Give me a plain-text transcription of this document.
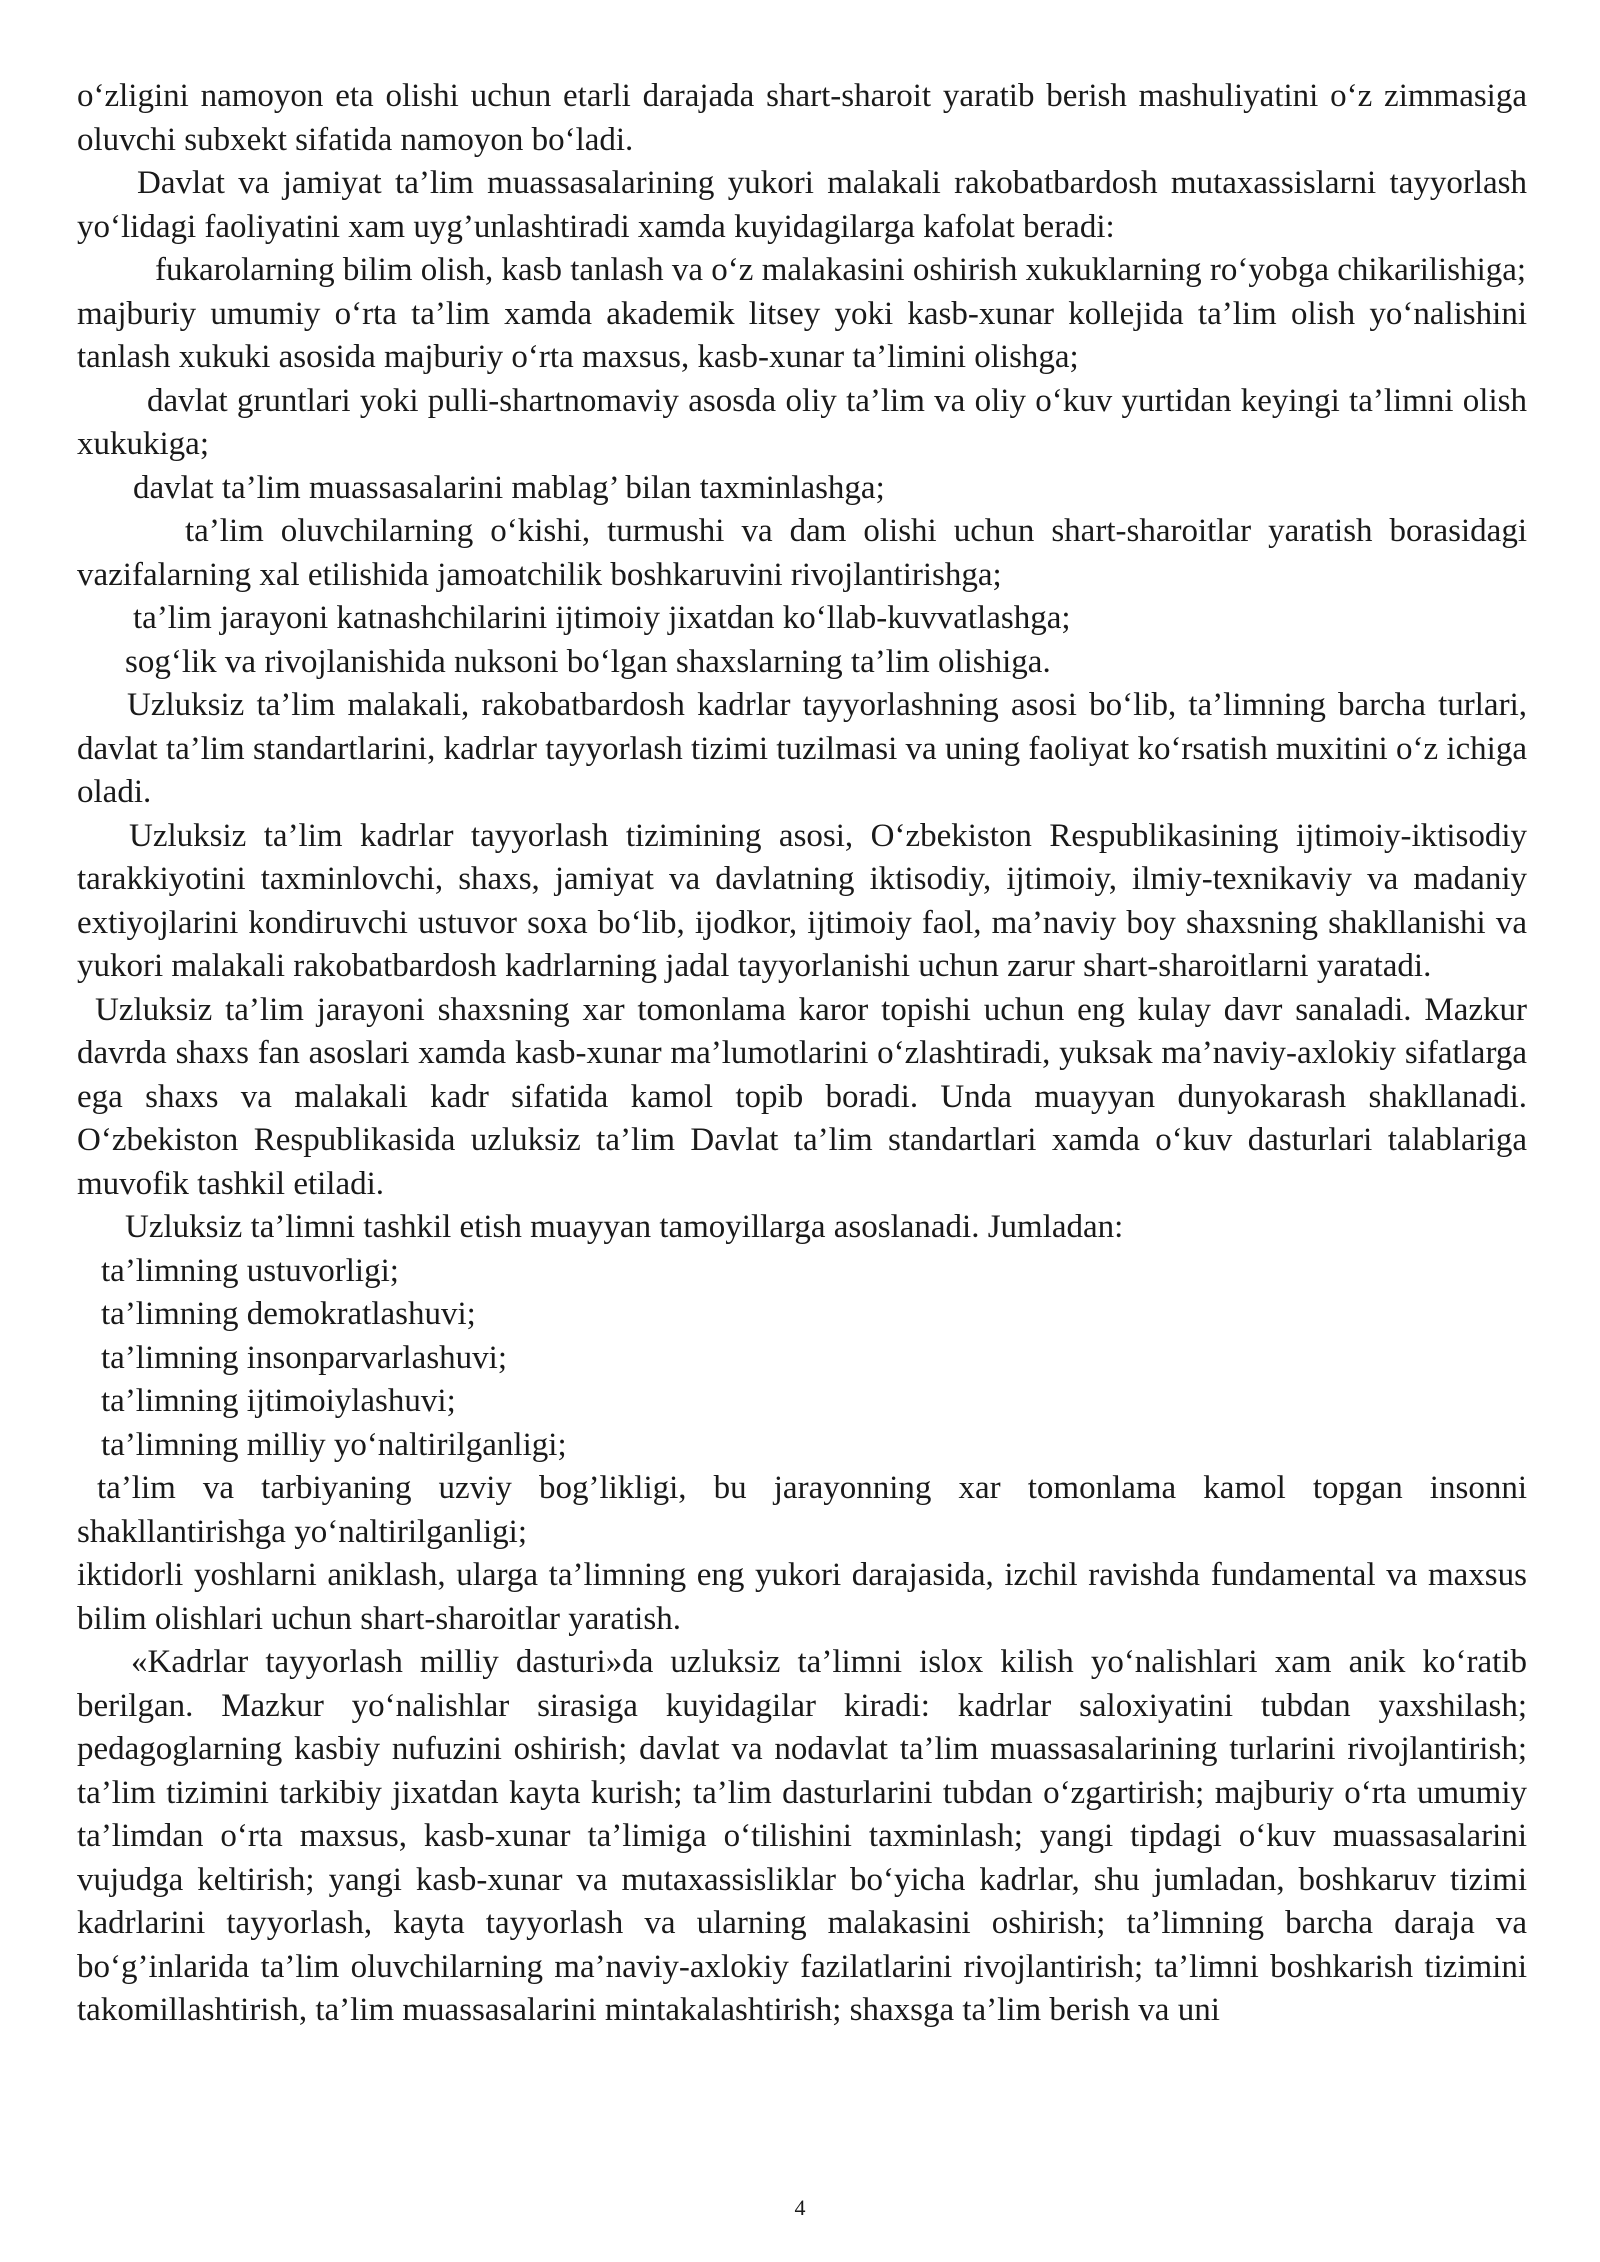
o‘zligini namoyon eta olishi uchun etarli darajada shart-sharoit yaratib berish mashuliyatini o‘z zimmasiga oluvchi subxekt sifatida namoyon bo‘ladi.

Davlat va jamiyat ta’lim muassasalarining yukori malakali rakobatbardosh mutaxassislarni tayyorlash yo‘lidagi faoliyatini xam uyg’unlashtiradi xamda kuyidagilarga kafolat beradi:

fukarolarning bilim olish, kasb tanlash va o‘z malakasini oshirish xukuklarning ro‘yobga chikarilishiga;

majburiy umumiy o‘rta ta’lim xamda akademik litsey yoki kasb-xunar kollejida ta’lim olish yo‘nalishini tanlash xukuki asosida majburiy o‘rta maxsus, kasb-xunar ta’limini olishga;

davlat gruntlari yoki pulli-shartnomaviy asosda oliy ta’lim va oliy o‘kuv yurtidan keyingi ta’limni olish xukukiga;

davlat ta’lim muassasalarini mablag’ bilan taxminlashga;

ta’lim oluvchilarning o‘kishi, turmushi va dam olishi uchun shart-sharoitlar yaratish borasidagi vazifalarning xal etilishida jamoatchilik boshkaruvini rivojlantirishga;

ta’lim jarayoni katnashchilarini ijtimoiy jixatdan ko‘llab-kuvvatlashga;

sog‘lik va rivojlanishida nuksoni bo‘lgan shaxslarning ta’lim olishiga.

Uzluksiz ta’lim malakali, rakobatbardosh kadrlar tayyorlashning asosi bo‘lib, ta’limning barcha turlari, davlat ta’lim standartlarini, kadrlar tayyorlash tizimi tuzilmasi va uning faoliyat ko‘rsatish muxitini o‘z ichiga oladi.

Uzluksiz ta’lim kadrlar tayyorlash tizimining asosi, O‘zbekiston Respublikasining ijtimoiy-iktisodiy tarakkiyotini taxminlovchi, shaxs, jamiyat va davlatning iktisodiy, ijtimoiy, ilmiy-texnikaviy va madaniy extiyojlarini kondiruvchi ustuvor soxa bo‘lib, ijodkor, ijtimoiy faol, ma’naviy boy shaxsning shakllanishi va yukori malakali rakobatbardosh kadrlarning jadal tayyorlanishi uchun zarur shart-sharoitlarni yaratadi.

Uzluksiz ta’lim jarayoni shaxsning xar tomonlama karor topishi uchun eng kulay davr sanaladi. Mazkur davrda shaxs fan asoslari xamda kasb-xunar ma’lumotlarini o‘zlashtiradi, yuksak ma’naviy-axlokiy sifatlarga ega shaxs va malakali kadr sifatida kamol topib boradi. Unda muayyan dunyokarash shakllanadi. O‘zbekiston Respublikasida uzluksiz ta’lim Davlat ta’lim standartlari xamda o‘kuv dasturlari talablariga muvofik tashkil etiladi.

Uzluksiz ta’limni tashkil etish muayyan tamoyillarga asoslanadi. Jumladan:

ta’limning ustuvorligi;

ta’limning demokratlashuvi;

ta’limning insonparvarlashuvi;

ta’limning ijtimoiylashuvi;

ta’limning milliy yo‘naltirilganligi;

ta’lim va tarbiyaning uzviy bog’likligi, bu jarayonning xar tomonlama kamol topgan insonni shakllantirishga yo‘naltirilganligi;

iktidorli yoshlarni aniklash, ularga ta’limning eng yukori darajasida, izchil ravishda fundamental va maxsus bilim olishlari uchun shart-sharoitlar yaratish.

«Kadrlar tayyorlash milliy dasturi»da uzluksiz ta’limni islox kilish yo‘nalishlari xam anik ko‘ratib berilgan. Mazkur yo‘nalishlar sirasiga kuyidagilar kiradi: kadrlar saloxiyatini tubdan yaxshilash; pedagoglarning kasbiy nufuzini oshirish; davlat va nodavlat ta’lim muassasalarining turlarini rivojlantirish; ta’lim tizimini tarkibiy jixatdan kayta kurish; ta’lim dasturlarini tubdan o‘zgartirish; majburiy o‘rta umumiy ta’limdan o‘rta maxsus, kasb-xunar ta’limiga o‘tilishini taxminlash; yangi tipdagi o‘kuv muassasalarini vujudga keltirish; yangi kasb-xunar va mutaxassisliklar bo‘yicha kadrlar, shu jumladan, boshkaruv tizimi kadrlarini tayyorlash, kayta tayyorlash va ularning malakasini oshirish; ta’limning barcha daraja va bo‘g’inlarida ta’lim oluvchilarning ma’naviy-axlokiy fazilatlarini rivojlantirish; ta’limni boshkarish tizimini takomillashtirish, ta’lim muassasalarini mintakalashtirish; shaxsga ta’lim berish va uni

4
